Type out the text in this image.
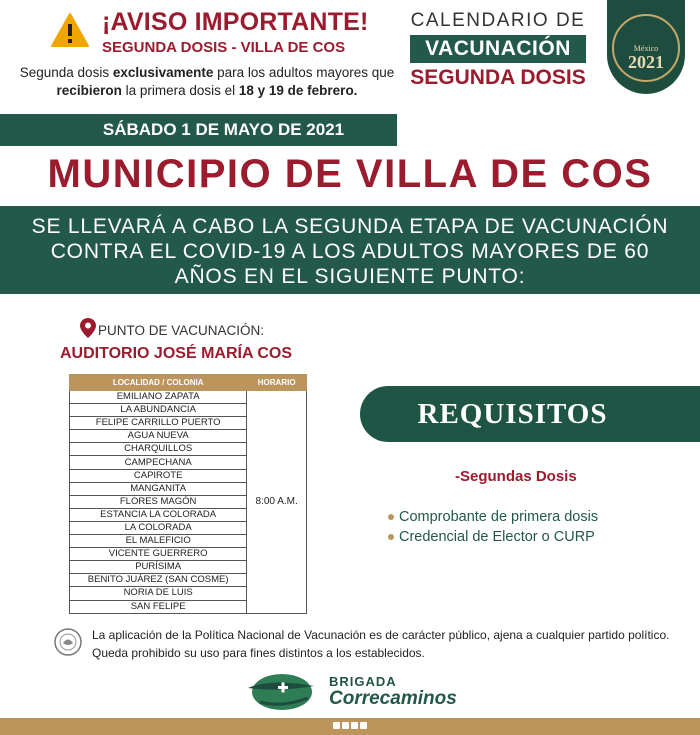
¡AVISO IMPORTANTE!
SEGUNDA DOSIS - VILLA DE COS
Segunda dosis exclusivamente para los adultos mayores que recibieron la primera dosis el 18 y 19 de febrero.
CALENDARIO DE
VACUNACIÓN
SEGUNDA DOSIS
México
2021
SÁBADO 1 DE MAYO DE 2021
MUNICIPIO DE VILLA DE COS
SE LLEVARÁ A CABO LA SEGUNDA ETAPA DE VACUNACIÓN CONTRA EL COVID-19 A LOS ADULTOS MAYORES DE 60 AÑOS EN EL SIGUIENTE PUNTO:
PUNTO DE VACUNACIÓN:
AUDITORIO JOSÉ MARÍA COS
LOCALIDAD / COLONIA	HORARIO
EMILIANO ZAPATA	8:00 A.M.
LA ABUNDANCIA	
FELIPE CARRILLO PUERTO	
AGUA NUEVA	
CHARQUILLOS	
CAMPECHANA	
CAPIROTE	
MANGANITA	
FLORES MAGÓN	
ESTANCIA LA COLORADA	
LA COLORADA	
EL MALEFICIO	
VICENTE GUERRERO	
PURÍSIMA	
BENITO JUÁREZ (SAN COSME)	
NORIA DE LUIS	
SAN FELIPE	
REQUISITOS
-Segundas Dosis
Comprobante de primera dosis
Credencial de Elector o CURP
La aplicación de la Política Nacional de Vacunación es de carácter público, ajena a cualquier partido político. Queda prohibido su uso para fines distintos a los establecidos.
BRIGADA
Correcaminos
